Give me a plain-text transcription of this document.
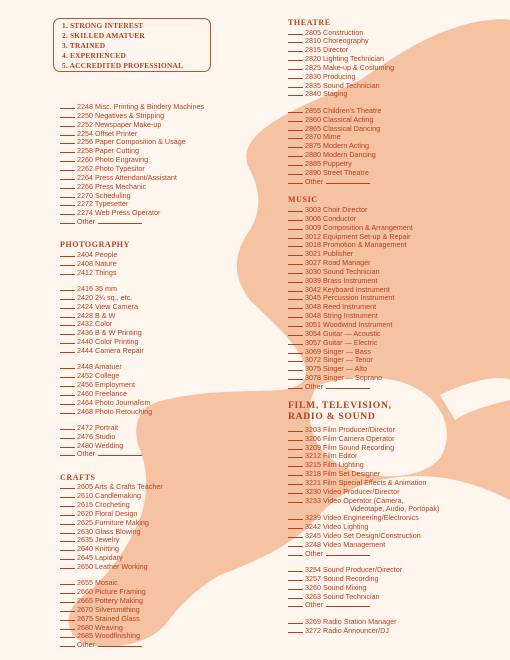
1. STRONG INTEREST
2. SKILLED AMATUER
3. TRAINED
4. EXPERIENCED
5. ACCREDITED PROFESSIONAL
2248 Misc. Printing & Bindery Machines
2250 Negatives & Stripping
2252 Newspaper Make-up
2254 Offset Printer
2256 Paper Composition & Usage
2258 Paper Cutting
2260 Photo Engraving
2262 Photo Typesitor
2264 Press Attendant/Assistant
2266 Press Mechanic
2270 Scheduling
2272 Typesetter
2274 Web Press Operator
Other
PHOTOGRAPHY
2404 People
2408 Nature
2412 Things
2416 35 mm
2420 2¼ sq., etc.
2424 View Camera
2428 B & W
2432 Color
2436 B & W Printing
2440 Color Printing
2444 Camera Repair
2448 Amatuer
2452 College
2456 Employment
2460 Freelance
2464 Photo Journalism
2468 Photo Retouching
2472 Portrait
2476 Studio
2480 Wedding
Other
CRAFTS
2605 Arts & Crafts Teacher
2610 Candlemaking
2615 Crocheting
2620 Floral Design
2625 Furniture Making
2630 Glass Blowing
2635 Jewelry
2640 Knitting
2645 Lapidary
2650 Leather Working
2655 Mosaic
2660 Picture Framing
2665 Pottery Making
2670 Silversmithing
2675 Stained Glass
2680 Weaving
2685 Woodfinishing
Other
THEATRE
2805 Construction
2810 Choreography
2815 Director
2820 Lighting Technician
2825 Make-up & Costuming
2830 Producing
2835 Sound Technician
2840 Staging
2855 Children's Theatre
2860 Classical Acting
2865 Classical Dancing
2870 Mime
2875 Modern Acting
2880 Modern Dancing
2885 Puppetry
2890 Street Theatre
Other
MUSIC
3003 Choir Director
3006 Conductor
3009 Composition & Arrangement
3012 Equipment Set-up & Repair
3018 Promotion & Management
3021 Publisher
3027 Road Manager
3030 Sound Technician
3039 Brass Instrument
3042 Keyboard Instrument
3045 Percussion Instrument
3048 Reed Instrument
3048 String Instrument
3051 Woodwind Instrument
3054 Guitar — Acoustic
3057 Guitar — Electric
3069 Singer — Bass
3072 Singer — Tenor
3075 Singer — Alto
3078 Singer — Soprano
Other
FILM, TELEVISION, RADIO & SOUND
3203 Film Producer/Director
3206 Film Camera Operator
3209 Film Sound Recording
3212 Film Editor
3215 Film Lighting
3218 Film Set Designer
3221 Film Special Effects & Animation
3230 Video Producer/Director
3233 Video Operator (Camera,
Videotape, Audio, Portopak)
3239 Video Engineering/Electronics
3242 Video Lighting
3245 Video Set Design/Construction
3248 Video Management
Other
3254 Sound Producer/Director
3257 Sound Recording
3260 Sound Mixing
3263 Sound Technician
Other
3269 Radio Station Manager
3272 Radio Announcer/DJ
